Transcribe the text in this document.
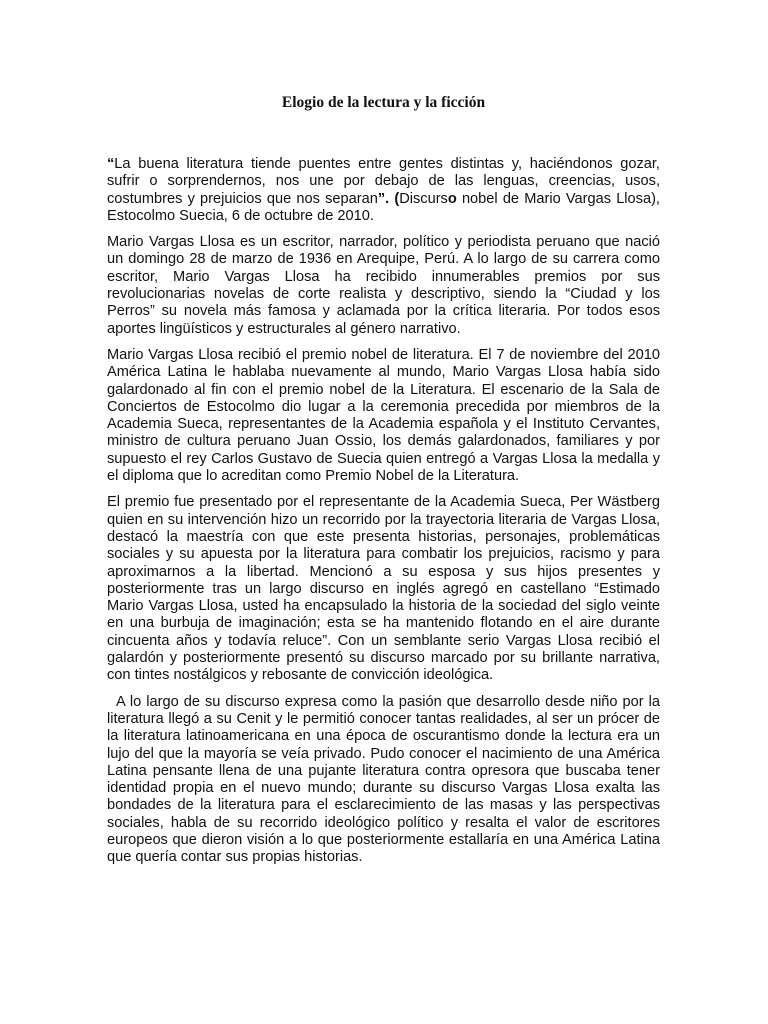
Elogio de la lectura y la ficción

“La buena literatura tiende puentes entre gentes distintas y, haciéndonos gozar, sufrir o sorprendernos, nos une por debajo de las lenguas, creencias, usos, costumbres y prejuicios que nos separan”. (Discurso nobel de Mario Vargas Llosa), Estocolmo Suecia, 6 de octubre de 2010.

Mario Vargas Llosa es un escritor, narrador, político y periodista peruano que nació un domingo 28 de marzo de 1936 en Arequipe, Perú. A lo largo de su carrera como escritor, Mario Vargas Llosa ha recibido innumerables premios por sus revolucionarias novelas de corte realista y descriptivo, siendo la “Ciudad y los Perros” su novela más famosa y aclamada por la crítica literaria. Por todos esos aportes lingüísticos y estructurales al género narrativo.

Mario Vargas Llosa recibió el premio nobel de literatura. El 7 de noviembre del 2010 América Latina le hablaba nuevamente al mundo, Mario Vargas Llosa había sido galardonado al fin con el premio nobel de la Literatura. El escenario de la Sala de Conciertos de Estocolmo dio lugar a la ceremonia precedida por miembros de la Academia Sueca, representantes de la Academia española y el Instituto Cervantes, ministro de cultura peruano Juan Ossio, los demás galardonados, familiares y por supuesto el rey Carlos Gustavo de Suecia quien entregó a Vargas Llosa la medalla y el diploma que lo acreditan como Premio Nobel de la Literatura.

El premio fue presentado por el representante de la Academia Sueca, Per Wästberg quien en su intervención hizo un recorrido por la trayectoria literaria de Vargas Llosa, destacó la maestría con que este presenta historias, personajes, problemáticas sociales y su apuesta por la literatura para combatir los prejuicios, racismo y para aproximarnos a la libertad. Mencionó a su esposa y sus hijos presentes y posteriormente tras un largo discurso en inglés agregó en castellano “Estimado Mario Vargas Llosa, usted ha encapsulado la historia de la sociedad del siglo veinte en una burbuja de imaginación; esta se ha mantenido flotando en el aire durante cincuenta años y todavía reluce”. Con un semblante serio Vargas Llosa recibió el galardón y posteriormente presentó su discurso marcado por su brillante narrativa, con tintes nostálgicos y rebosante de convicción ideológica.

A lo largo de su discurso expresa como la pasión que desarrollo desde niño por la literatura llegó a su Cenit y le permitió conocer tantas realidades, al ser un prócer de la literatura latinoamericana en una época de oscurantismo donde la lectura era un lujo del que la mayoría se veía privado. Pudo conocer el nacimiento de una América Latina pensante llena de una pujante literatura contra opresora que buscaba tener identidad propia en el nuevo mundo; durante su discurso Vargas Llosa exalta las bondades de la literatura para el esclarecimiento de las masas y las perspectivas sociales, habla de su recorrido ideológico político y resalta el valor de escritores europeos que dieron visión a lo que posteriormente estallaría en una América Latina que quería contar sus propias historias.
